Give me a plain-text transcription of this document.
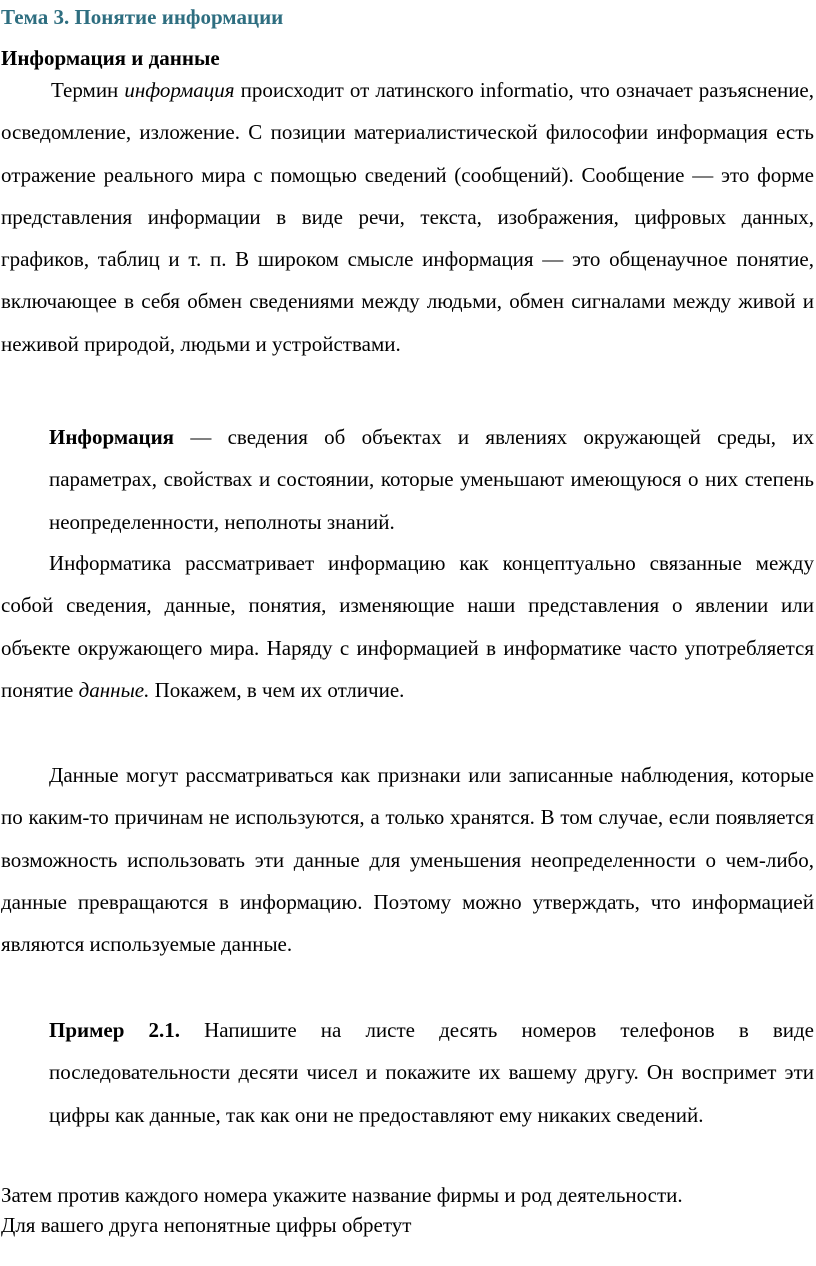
Тема 3. Понятие информации
Информация и данные
Термин информация происходит от латинского informatio, что означает разъяснение, осведомление, изложение. С позиции материалистической философии информация есть отражение реального мира с помощью сведений (сообщений). Сообщение — это форме представления информации в виде речи, текста, изображения, цифровых данных, графиков, таблиц и т. п. В широком смысле информация — это общенаучное понятие, включающее в себя обмен сведениями между людьми, обмен сигналами между живой и неживой природой, людьми и устройствами.
Информация — сведения об объектах и явлениях окружающей среды, их параметрах, свойствах и состоянии, которые уменьшают имеющуюся о них степень неопределенности, неполноты знаний.
Информатика рассматривает информацию как концептуально связанные между собой сведения, данные, понятия, изменяющие наши представления о явлении или объекте окружающего мира. Наряду с информацией в информатике часто употребляется понятие данные. Покажем, в чем их отличие.
Данные могут рассматриваться как признаки или записанные наблюдения, которые по каким-то причинам не используются, а только хранятся. В том случае, если появляется возможность использовать эти данные для уменьшения неопределенности о чем-либо, данные превращаются в информацию. Поэтому можно утверждать, что информацией являются используемые данные.
Пример 2.1. Напишите на листе десять номеров телефонов в виде последовательности десяти чисел и покажите их вашему другу. Он воспримет эти цифры как данные, так как они не предоставляют ему никаких сведений.
Затем против каждого номера укажите название фирмы и род деятельности.
Для вашего друга непонятные цифры обретут
